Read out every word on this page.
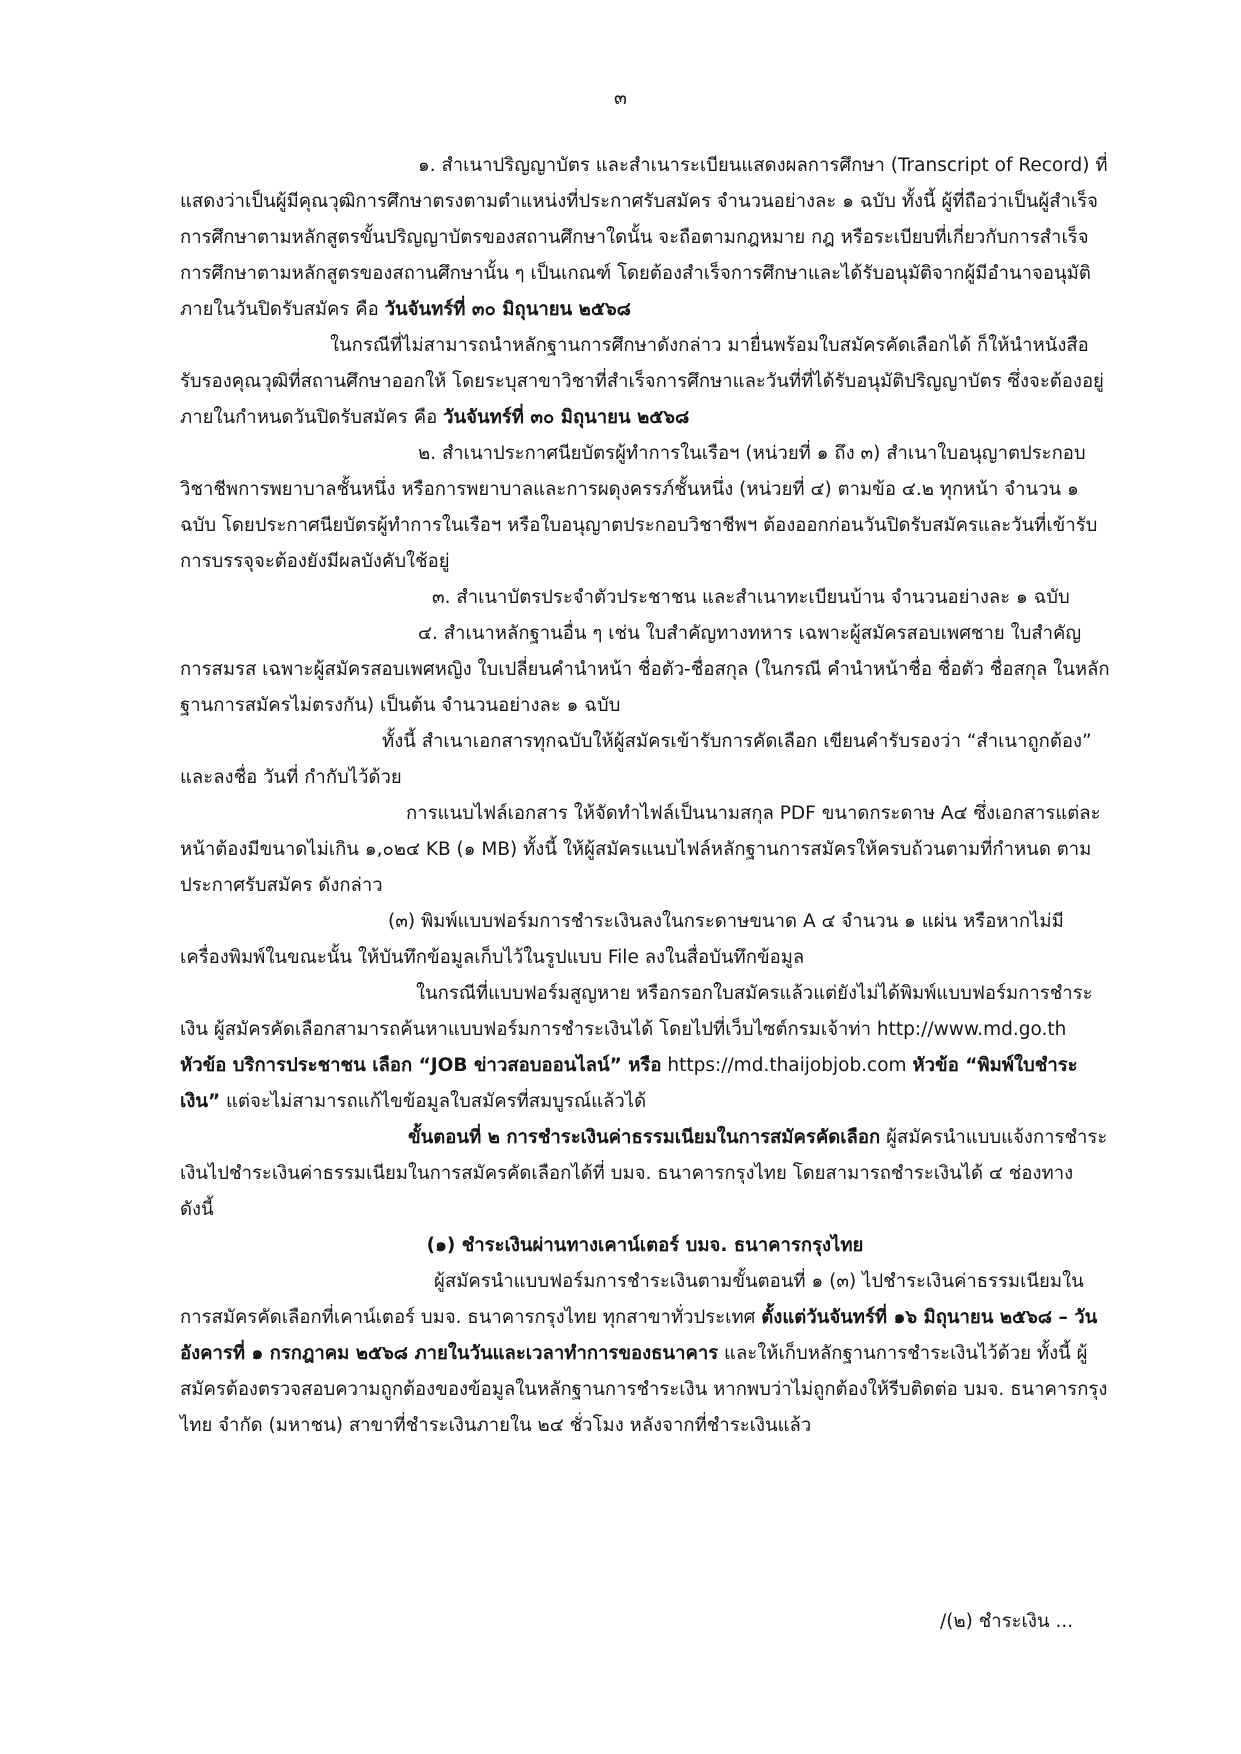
๓

๑. สำเนาปริญญาบัตร และสำเนาระเบียนแสดงผลการศึกษา (Transcript of Record) ที่แสดงว่าเป็นผู้มีคุณวุฒิการศึกษาตรงตามตำแหน่งที่ประกาศรับสมัคร จำนวนอย่างละ ๑ ฉบับ ทั้งนี้ ผู้ที่ถือว่าเป็นผู้สำเร็จการศึกษาตามหลักสูตรขั้นปริญญาบัตรของสถานศึกษาใดนั้น จะถือตามกฎหมาย กฎ หรือระเบียบที่เกี่ยวกับการสำเร็จการศึกษาตามหลักสูตรของสถานศึกษานั้น ๆ เป็นเกณฑ์ โดยต้องสำเร็จการศึกษาและได้รับอนุมัติจากผู้มีอำนาจอนุมัติภายในวันปิดรับสมัคร คือ วันจันทร์ที่ ๓๐ มิถุนายน ๒๕๖๘

ในกรณีที่ไม่สามารถนำหลักฐานการศึกษาดังกล่าว มายื่นพร้อมใบสมัครคัดเลือกได้ ก็ให้นำหนังสือรับรองคุณวุฒิที่สถานศึกษาออกให้ โดยระบุสาขาวิชาที่สำเร็จการศึกษาและวันที่ที่ได้รับอนุมัติปริญญาบัตร ซึ่งจะต้องอยู่ภายในกำหนดวันปิดรับสมัคร คือ วันจันทร์ที่ ๓๐ มิถุนายน ๒๕๖๘

๒. สำเนาประกาศนียบัตรผู้ทำการในเรือฯ (หน่วยที่ ๑ ถึง ๓) สำเนาใบอนุญาตประกอบวิชาชีพการพยาบาลชั้นหนึ่ง หรือการพยาบาลและการผดุงครรภ์ชั้นหนึ่ง (หน่วยที่ ๔) ตามข้อ ๔.๒ ทุกหน้า จำนวน ๑ ฉบับ โดยประกาศนียบัตรผู้ทำการในเรือฯ หรือใบอนุญาตประกอบวิชาชีพฯ ต้องออกก่อนวันปิดรับสมัครและวันที่เข้ารับการบรรจุจะต้องยังมีผลบังคับใช้อยู่

๓. สำเนาบัตรประจำตัวประชาชน และสำเนาทะเบียนบ้าน จำนวนอย่างละ ๑ ฉบับ

๔. สำเนาหลักฐานอื่น ๆ เช่น ใบสำคัญทางทหาร เฉพาะผู้สมัครสอบเพศชาย ใบสำคัญการสมรส เฉพาะผู้สมัครสอบเพศหญิง ใบเปลี่ยนคำนำหน้า ชื่อตัว-ชื่อสกุล (ในกรณี คำนำหน้าชื่อ ชื่อตัว ชื่อสกุล ในหลักฐานการสมัครไม่ตรงกัน) เป็นต้น จำนวนอย่างละ ๑ ฉบับ

ทั้งนี้ สำเนาเอกสารทุกฉบับให้ผู้สมัครเข้ารับการคัดเลือก เขียนคำรับรองว่า “สำเนาถูกต้อง” และลงชื่อ วันที่ กำกับไว้ด้วย

การแนบไฟล์เอกสาร ให้จัดทำไฟล์เป็นนามสกุล PDF ขนาดกระดาษ A๔ ซึ่งเอกสารแต่ละหน้าต้องมีขนาดไม่เกิน ๑,๐๒๔ KB (๑ MB) ทั้งนี้ ให้ผู้สมัครแนบไฟล์หลักฐานการสมัครให้ครบถ้วนตามที่กำหนด ตามประกาศรับสมัคร ดังกล่าว

(๓) พิมพ์แบบฟอร์มการชำระเงินลงในกระดาษขนาด A ๔ จำนวน ๑ แผ่น หรือหากไม่มีเครื่องพิมพ์ในขณะนั้น ให้บันทึกข้อมูลเก็บไว้ในรูปแบบ File ลงในสื่อบันทึกข้อมูล

ในกรณีที่แบบฟอร์มสูญหาย หรือกรอกใบสมัครแล้วแต่ยังไม่ได้พิมพ์แบบฟอร์มการชำระเงิน ผู้สมัครคัดเลือกสามารถค้นหาแบบฟอร์มการชำระเงินได้ โดยไปที่เว็บไซต์กรมเจ้าท่า http://www.md.go.th หัวข้อ บริการประชาชน เลือก “JOB ข่าวสอบออนไลน์” หรือ https://md.thaijobjob.com หัวข้อ “พิมพ์ใบชำระเงิน” แต่จะไม่สามารถแก้ไขข้อมูลใบสมัครที่สมบูรณ์แล้วได้

ขั้นตอนที่ ๒ การชำระเงินค่าธรรมเนียมในการสมัครคัดเลือก ผู้สมัครนำแบบแจ้งการชำระเงินไปชำระเงินค่าธรรมเนียมในการสมัครคัดเลือกได้ที่ บมจ. ธนาคารกรุงไทย โดยสามารถชำระเงินได้ ๔ ช่องทาง ดังนี้

(๑) ชำระเงินผ่านทางเคาน์เตอร์ บมจ. ธนาคารกรุงไทย

ผู้สมัครนำแบบฟอร์มการชำระเงินตามขั้นตอนที่ ๑ (๓) ไปชำระเงินค่าธรรมเนียมในการสมัครคัดเลือกที่เคาน์เตอร์ บมจ. ธนาคารกรุงไทย ทุกสาขาทั่วประเทศ ตั้งแต่วันจันทร์ที่ ๑๖ มิถุนายน ๒๕๖๘ – วันอังคารที่ ๑ กรกฎาคม ๒๕๖๘ ภายในวันและเวลาทำการของธนาคาร และให้เก็บหลักฐานการชำระเงินไว้ด้วย ทั้งนี้ ผู้สมัครต้องตรวจสอบความถูกต้องของข้อมูลในหลักฐานการชำระเงิน หากพบว่าไม่ถูกต้องให้รีบติดต่อ บมจ. ธนาคารกรุงไทย จำกัด (มหาชน) สาขาที่ชำระเงินภายใน ๒๔ ชั่วโมง หลังจากที่ชำระเงินแล้ว

/(๒) ชำระเงิน ...
